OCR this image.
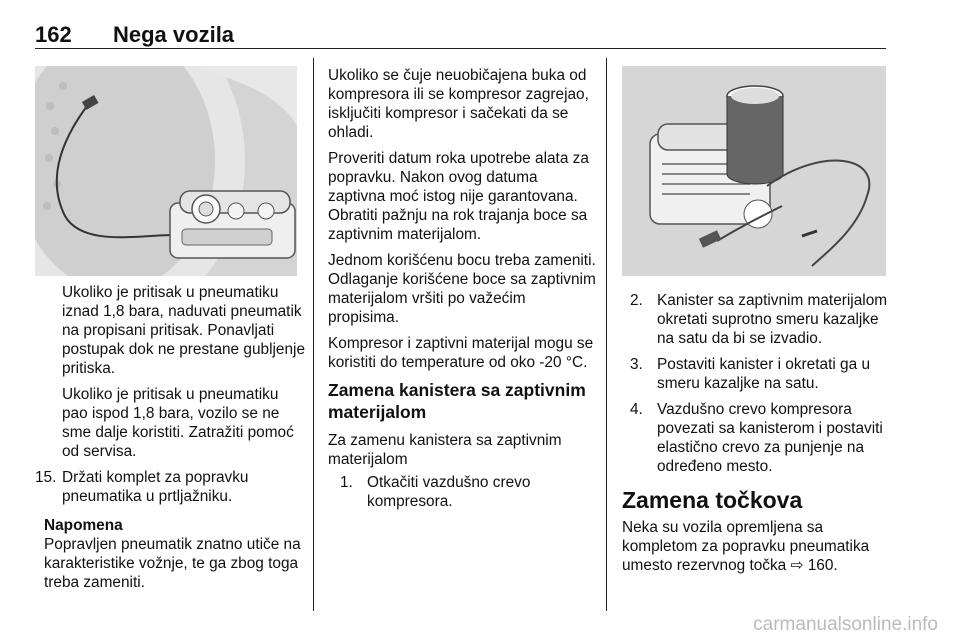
162 Nega vozila

Ukoliko je pritisak u pneumatiku iznad 1,8 bara, naduvati pneumatik na propisani pritisak. Ponavljati postupak dok ne prestane gubljenje pritiska.

Ukoliko je pritisak u pneumatiku pao ispod 1,8 bara, vozilo se ne sme dalje koristiti. Zatražiti pomoć od servisa.

15. Držati komplet za popravku pneumatika u prtljažniku.
Napomena
Popravljen pneumatik znatno utiče na karakteristike vožnje, te ga zbog toga treba zameniti.

Ukoliko se čuje neuobičajena buka od kompresora ili se kompresor zagrejao, isključiti kompresor i sačekati da se ohladi.

Proveriti datum roka upotrebe alata za popravku. Nakon ovog datuma zaptivna moć istog nije garantovana. Obratiti pažnju na rok trajanja boce sa zaptivnim materijalom.

Jednom korišćenu bocu treba zameniti. Odlaganje korišćene boce sa zaptivnim materijalom vršiti po važećim propisima.

Kompresor i zaptivni materijal mogu se koristiti do temperature od oko -20 °C.

Zamena kanistera sa zaptivnim materijalom

Za zamenu kanistera sa zaptivnim materijalom

1. Otkačiti vazdušno crevo kompresora.
2. Kanister sa zaptivnim materijalom okretati suprotno smeru kazaljke na satu da bi se izvadio.
3. Postaviti kanister i okretati ga u smeru kazaljke na satu.
4. Vazdušno crevo kompresora povezati sa kanisterom i postaviti elastično crevo za punjenje na određeno mesto.
Zamena točkova

Neka su vozila opremljena sa kompletom za popravku pneumatika umesto rezervnog točka ⇨ 160.

carmanualsonline.info
